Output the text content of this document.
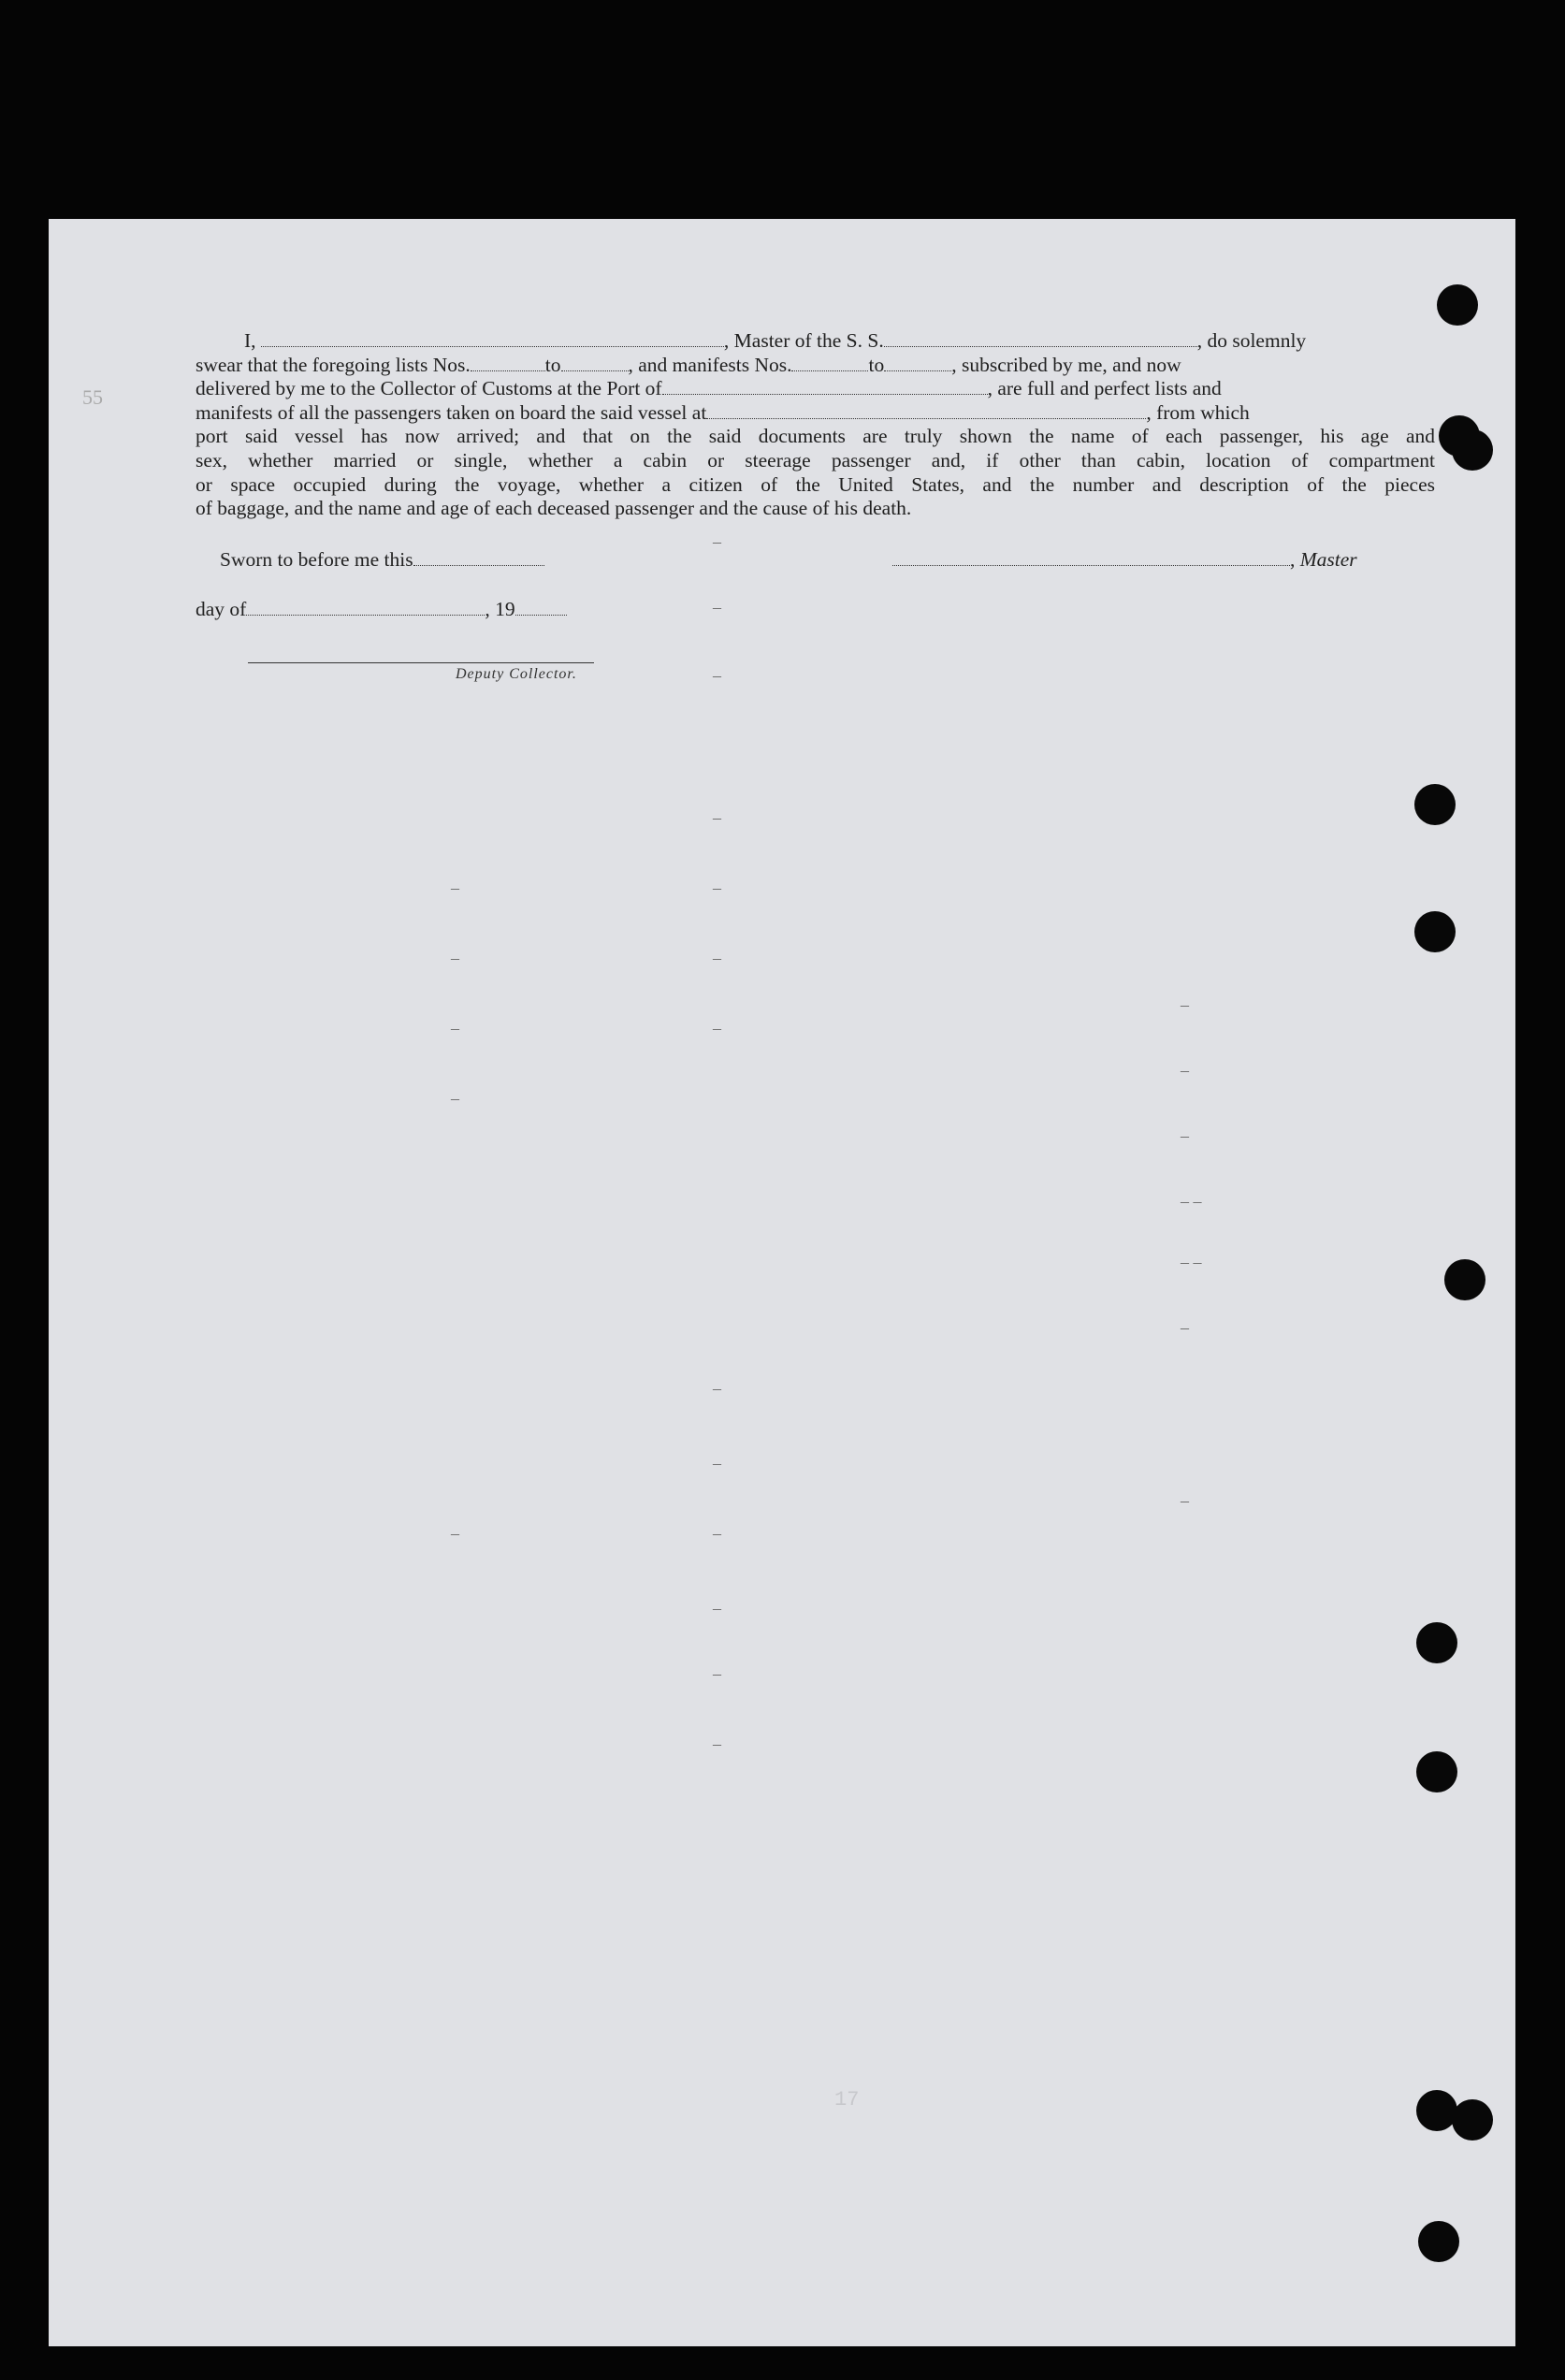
55
17
I,	, Master of the S. S.	, do solemnly
swear that the foregoing lists Nos.	to	, and manifests Nos.	to	, subscribed by me, and now
delivered by me to the Collector of Customs at the Port of	, are full and perfect lists and
manifests of all the passengers taken on board the said vessel at	, from which
port said vessel has now arrived; and that on the said documents are truly shown the name of each passenger, his age and
sex, whether married or single, whether a cabin or steerage passenger and, if other than cabin, location of compartment
or space occupied during the voyage, whether a citizen of the United States, and the number and description of the pieces
of baggage, and the name and age of each deceased passenger and the cause of his death.
Sworn to before me this	, Master
day of	, 19
Deputy Collector.
–
–
–
–
–
–
–
–
–
–
–
–
–
–
–
–
–
–
–
–
–
– –
– –
–
–
